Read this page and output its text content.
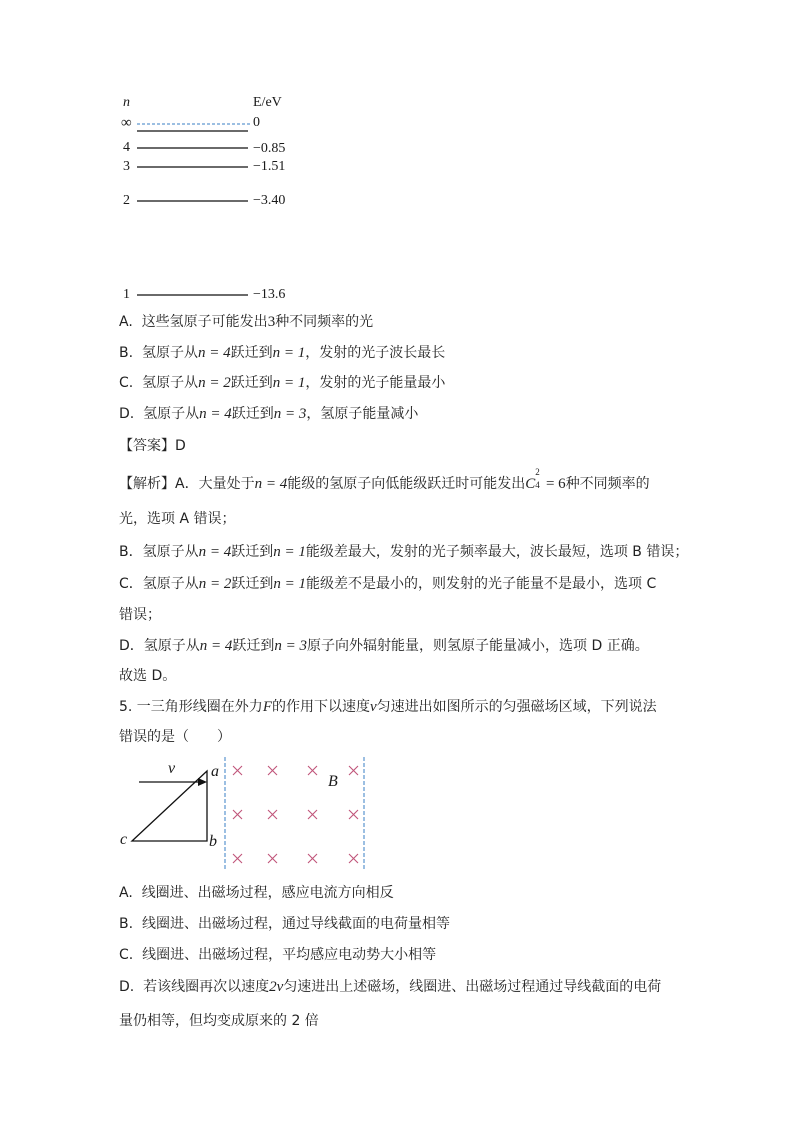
n	E/eV
∞	0
4	−0.85
3	−1.51
2	−3.40
1	−13.6
A. 这些氢原子可能发出3种不同频率的光
B. 氢原子从n = 4跃迁到n = 1，发射的光子波长最长
C. 氢原子从n = 2跃迁到n = 1，发射的光子能量最小
D. 氢原子从n = 4跃迁到n = 3，氢原子能量减小
【答案】D
【解析】A．大量处于n = 4能级的氢原子向低能级跃迁时可能发出C
2
4 = 6种不同频率的
光，选项 A 错误；
B．氢原子从n = 4跃迁到n = 1能级差最大，发射的光子频率最大，波长最短，选项 B 错误；
C．氢原子从n = 2跃迁到n = 1能级差不是最小的，则发射的光子能量不是最小，选项 C
错误；
D．氢原子从n = 4跃迁到n = 3原子向外辐射能量，则氢原子能量减小，选项 D 正确。
故选 D。
5. 一三角形线圈在外力F的作用下以速度v匀速进出如图所示的匀强磁场区域，下列说法
错误的是（　　）
v a
b
c
B
A. 线圈进、出磁场过程，感应电流方向相反
B. 线圈进、出磁场过程，通过导线截面的电荷量相等
C. 线圈进、出磁场过程，平均感应电动势大小相等
D. 若该线圈再次以速度2v匀速进出上述磁场，线圈进、出磁场过程通过导线截面的电荷
量仍相等，但均变成原来的 2 倍
